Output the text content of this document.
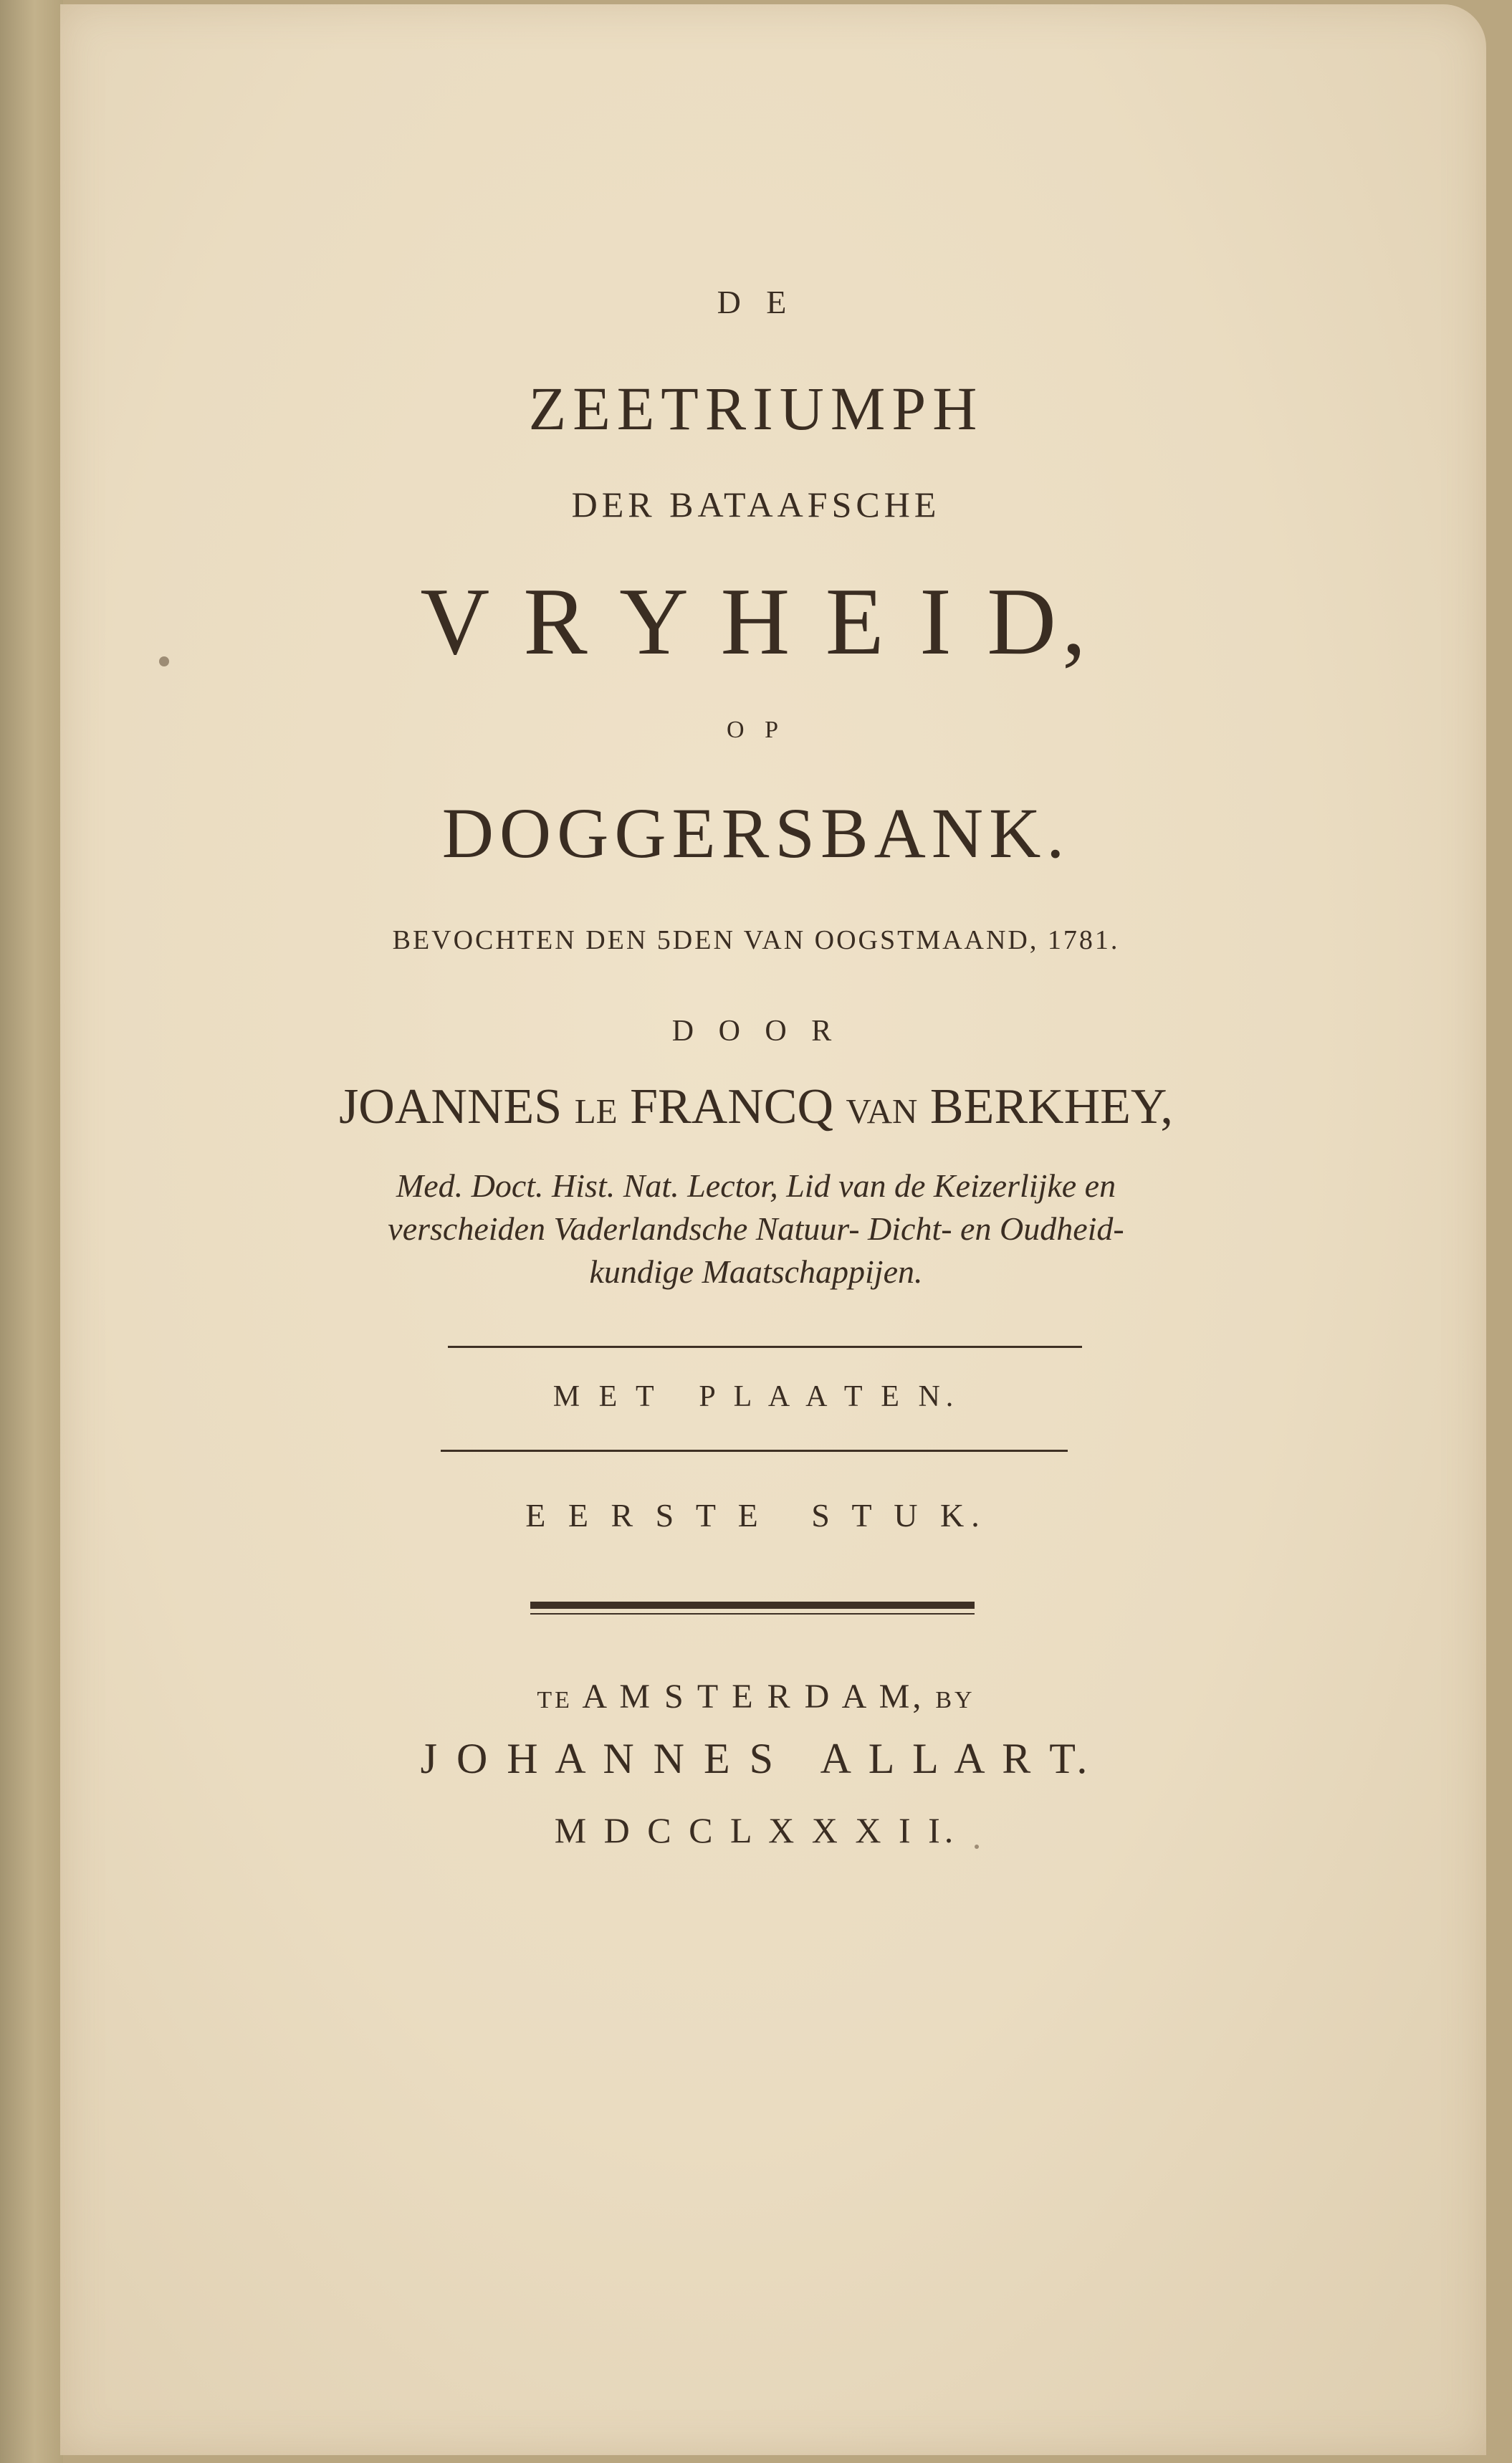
D E
ZEETRIUMPH
DER BATAAFSCHE
V R Y H E I D,
O P
DOGGERSBANK.
BEVOCHTEN DEN 5DEN VAN OOGSTMAAND, 1781.
D O O R
JOANNES le FRANCQ van BERKHEY,
Med. Doct. Hist. Nat. Lector, Lid van de Keizerlijke en
verscheiden Vaderlandsche Natuur- Dicht- en Oudheid-
kundige Maatschappijen.
M E T   P L A A T E N.
E E R S T E   S T U K.
te A M S T E R D A M, by
J O H A N N E S   A L L A R T.
M D C C L X X X I I.
